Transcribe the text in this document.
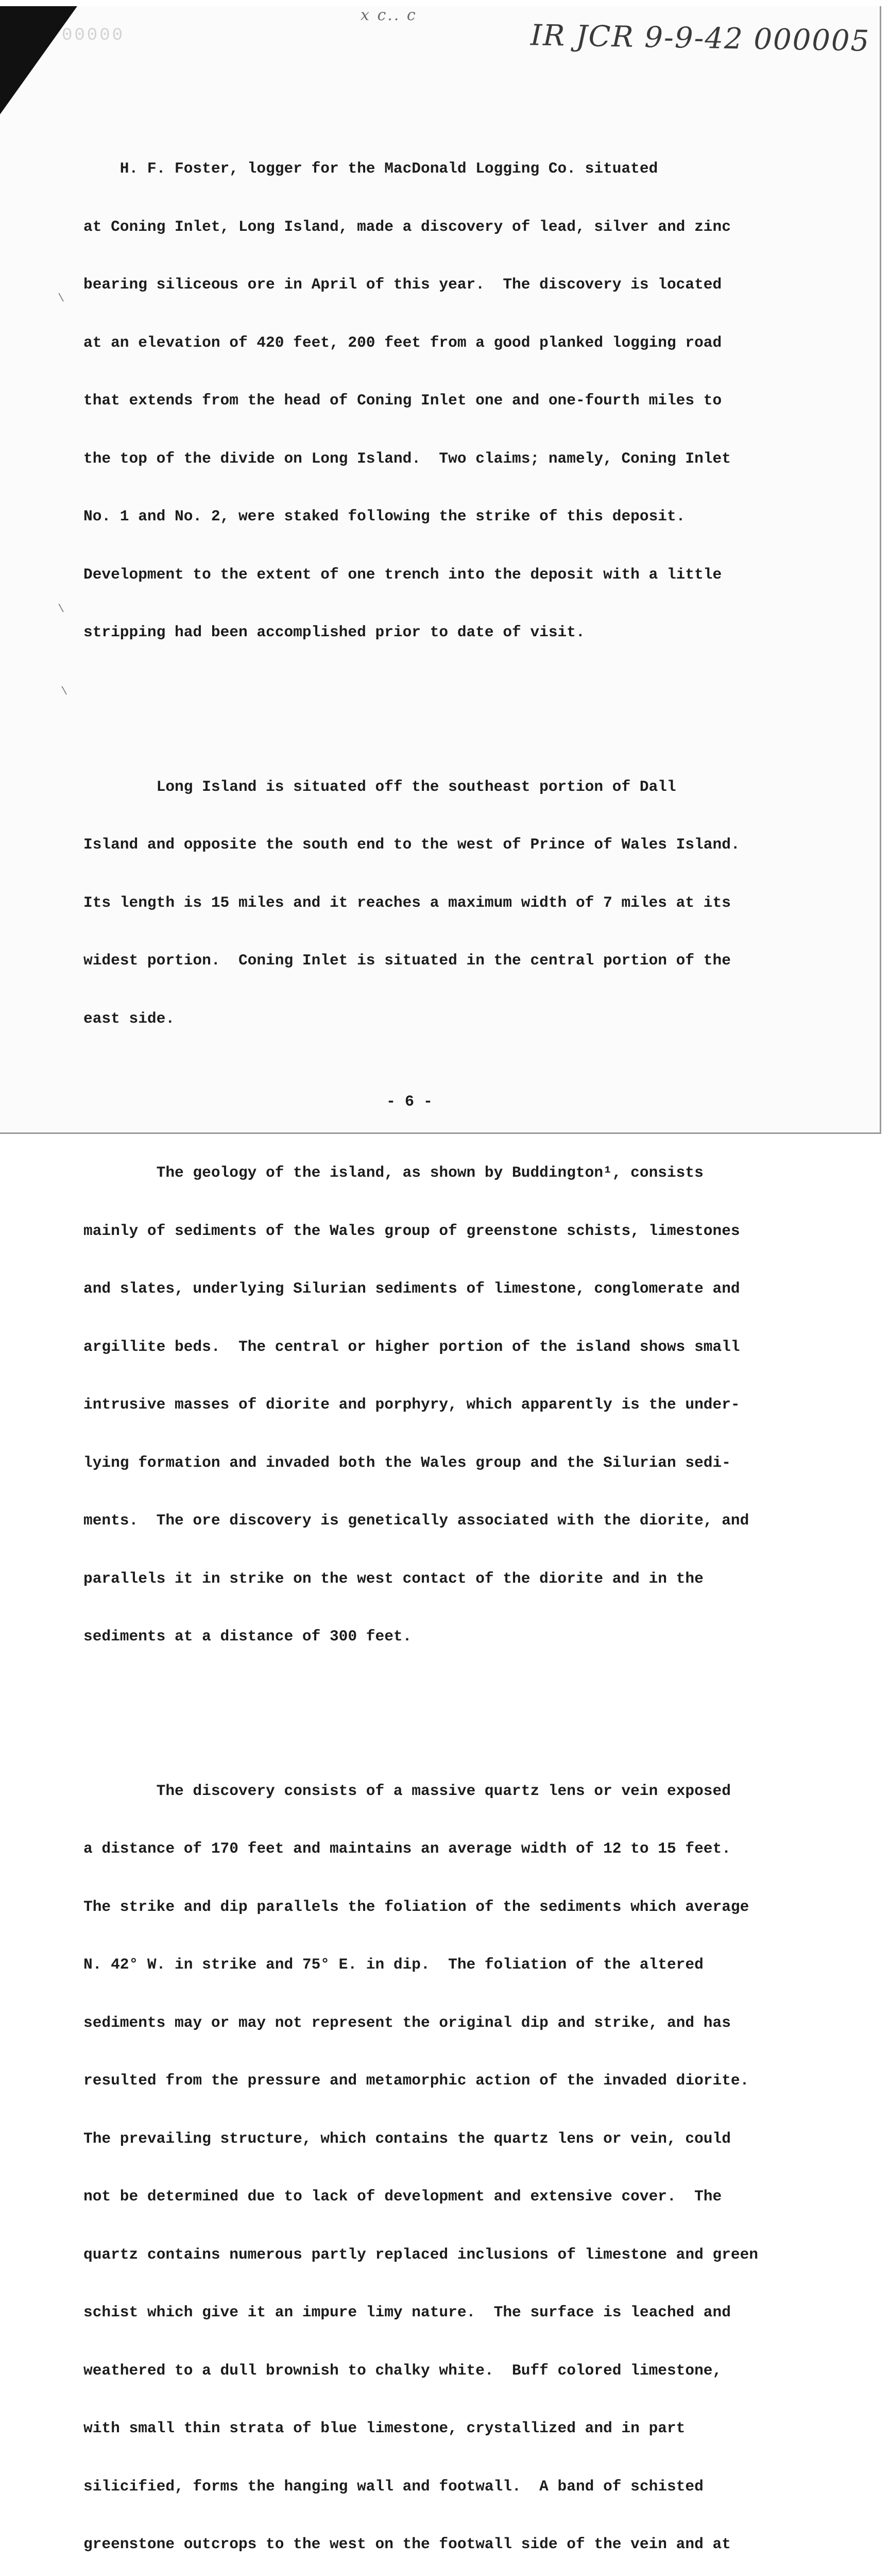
00000
x c.. c
IR JCR 9-9-42 000005
\
\
\

H. F. Foster, logger for the MacDonald Logging Co. situated

at Coning Inlet, Long Island, made a discovery of lead, silver and zinc

bearing siliceous ore in April of this year.  The discovery is located

at an elevation of 420 feet, 200 feet from a good planked logging road

that extends from the head of Coning Inlet one and one-fourth miles to

the top of the divide on Long Island.  Two claims; namely, Coning Inlet

No. 1 and No. 2, were staked following the strike of this deposit.

Development to the extent of one trench into the deposit with a little

stripping had been accomplished prior to date of visit.

Long Island is situated off the southeast portion of Dall

Island and opposite the south end to the west of Prince of Wales Island.

Its length is 15 miles and it reaches a maximum width of 7 miles at its

widest portion.  Coning Inlet is situated in the central portion of the

east side.

The geology of the island, as shown by Buddington¹, consists

mainly of sediments of the Wales group of greenstone schists, limestones

and slates, underlying Silurian sediments of limestone, conglomerate and

argillite beds.  The central or higher portion of the island shows small

intrusive masses of diorite and porphyry, which apparently is the under-

lying formation and invaded both the Wales group and the Silurian sedi-

ments.  The ore discovery is genetically associated with the diorite, and

parallels it in strike on the west contact of the diorite and in the

sediments at a distance of 300 feet.

The discovery consists of a massive quartz lens or vein exposed

a distance of 170 feet and maintains an average width of 12 to 15 feet.

The strike and dip parallels the foliation of the sediments which average

N. 42° W. in strike and 75° E. in dip.  The foliation of the altered

sediments may or may not represent the original dip and strike, and has

resulted from the pressure and metamorphic action of the invaded diorite.

The prevailing structure, which contains the quartz lens or vein, could

not be determined due to lack of development and extensive cover.  The

quartz contains numerous partly replaced inclusions of limestone and green

schist which give it an impure limy nature.  The surface is leached and

weathered to a dull brownish to chalky white.  Buff colored limestone,

with small thin strata of blue limestone, crystallized and in part

silicified, forms the hanging wall and footwall.  A band of schisted

greenstone outcrops to the west on the footwall side of the vein and at

- 6 -
